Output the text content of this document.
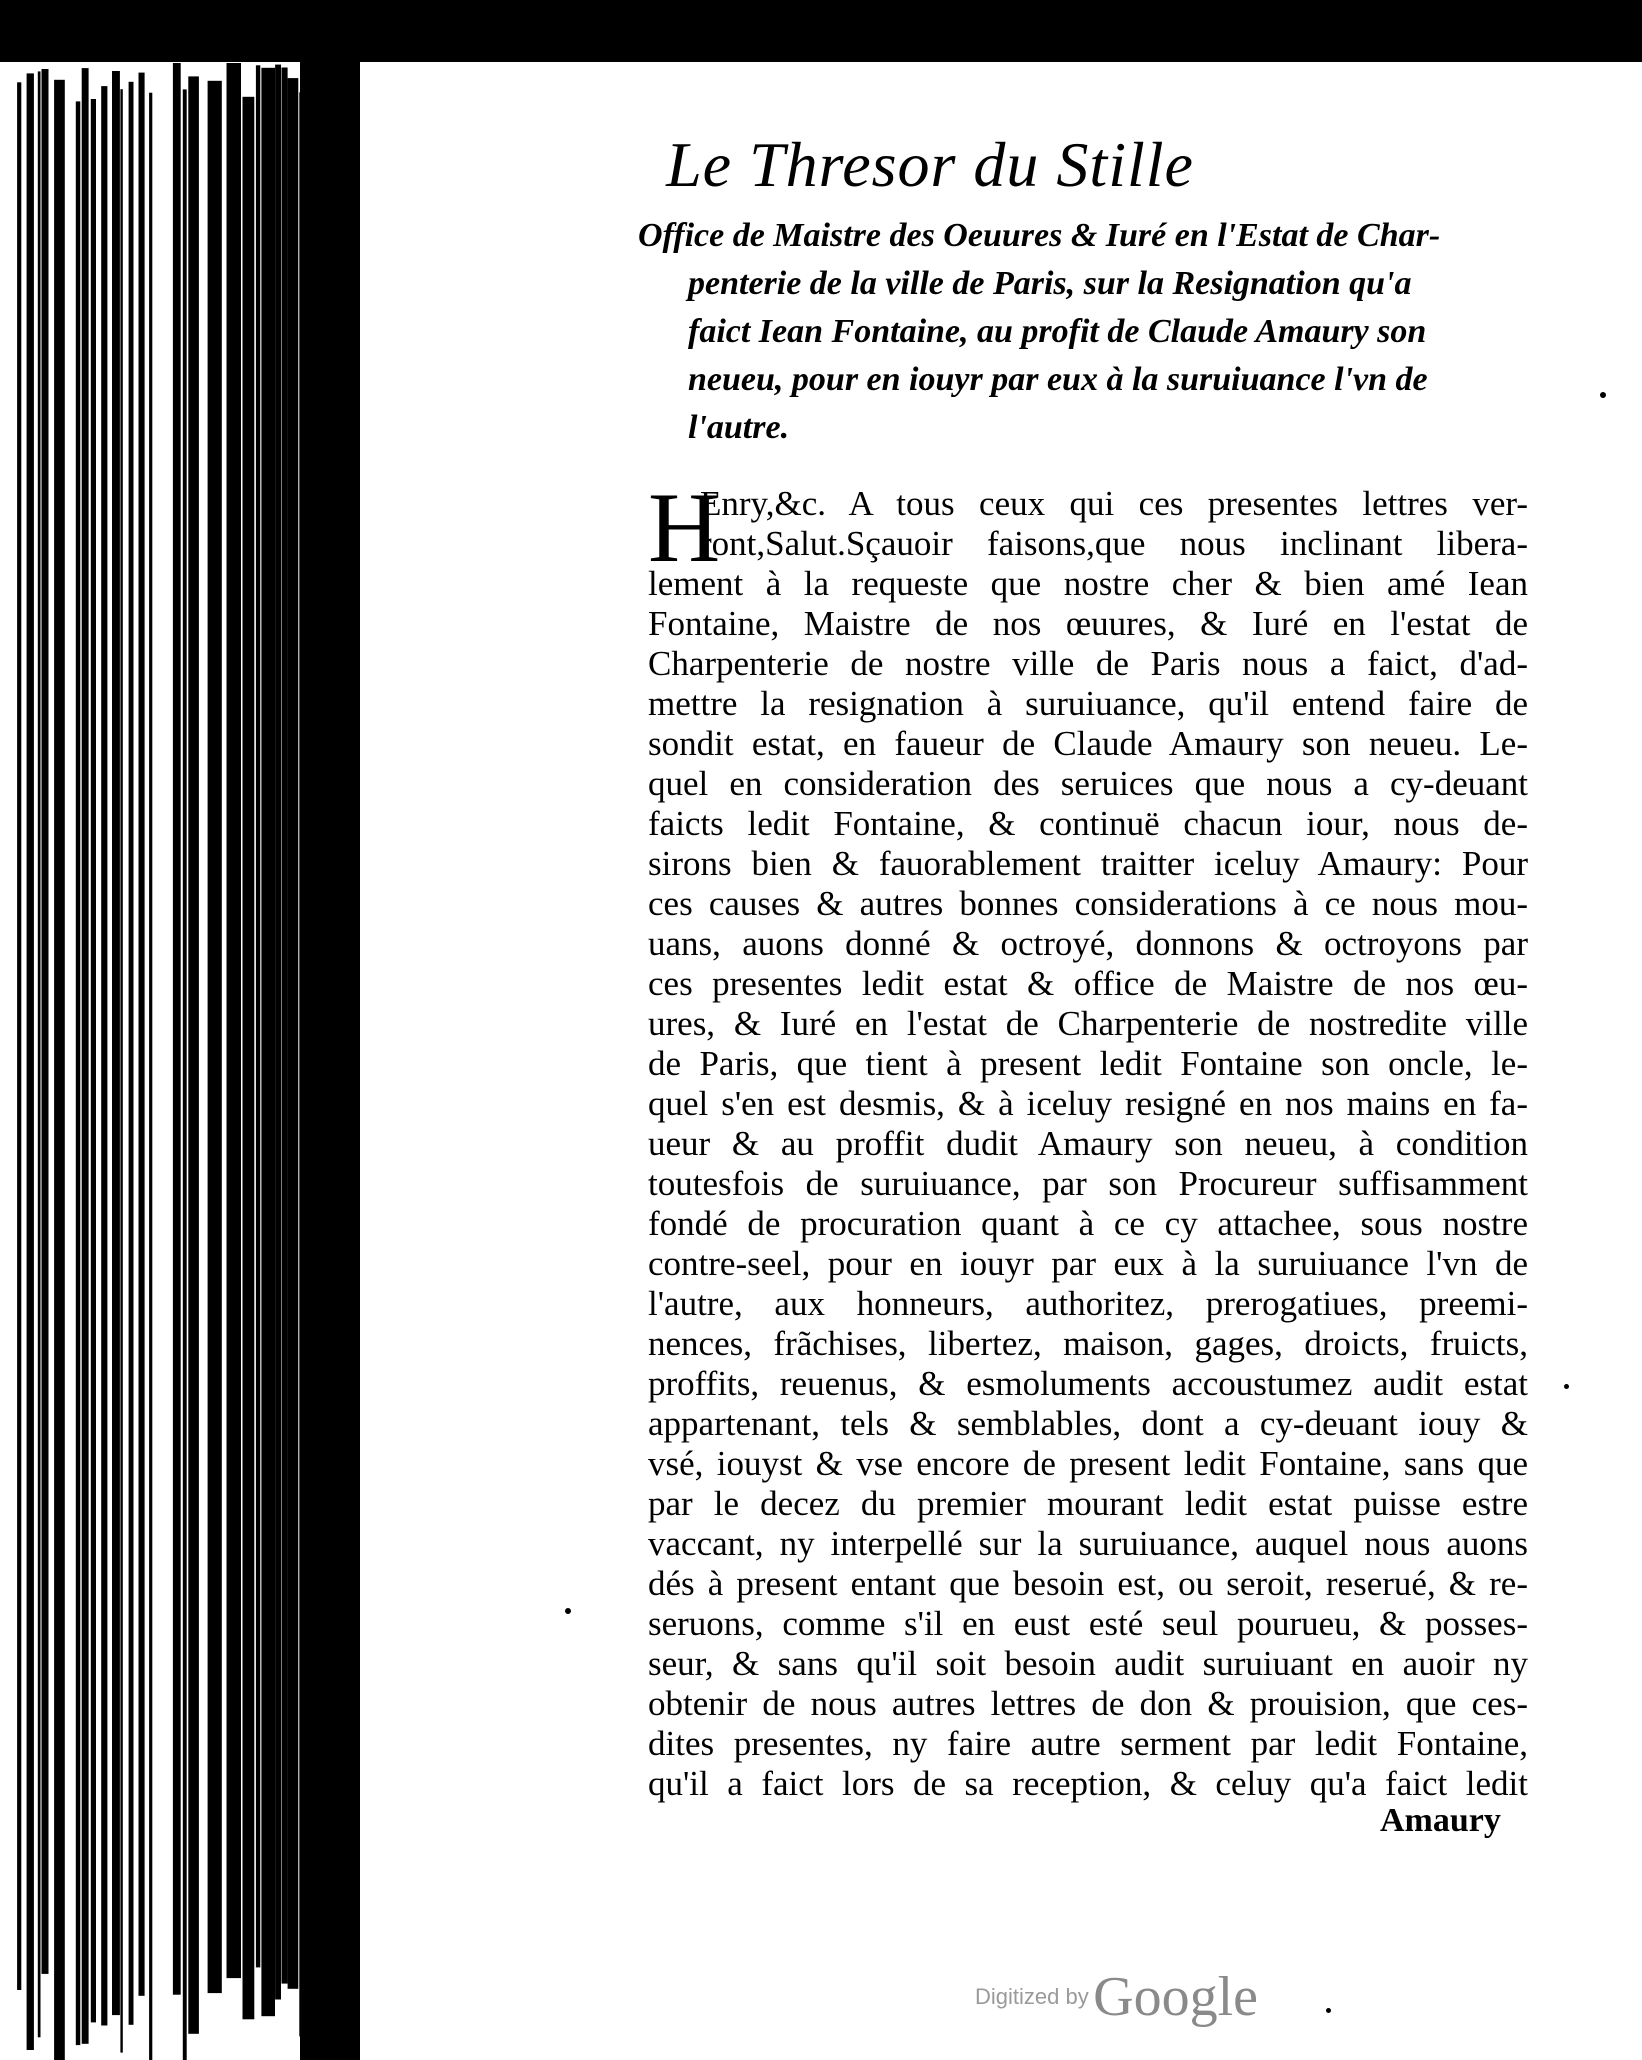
Le Thresor du Stille
Office de Maistre des Oeuures & Iuré en l'Estat de Char-
penterie de la ville de Paris, sur la Resignation qu'a
faict Iean Fontaine, au profit de Claude Amaury son
neueu, pour en iouyr par eux à la suruiuance l'vn de
l'autre.
H
Enry,&c. A tous ceux qui ces presentes lettres ver-
ront,Salut.Sçauoir faisons,que nous inclinant libera-
lement à la requeste que nostre cher & bien amé Iean
Fontaine, Maistre de nos œuures, & Iuré en l'estat de
Charpenterie de nostre ville de Paris nous a faict, d'ad-
mettre la resignation à suruiuance, qu'il entend faire de
sondit estat, en faueur de Claude Amaury son neueu. Le-
quel en consideration des seruices que nous a cy-deuant
faicts ledit Fontaine, & continuë chacun iour, nous de-
sirons bien & fauorablement traitter iceluy Amaury: Pour
ces causes & autres bonnes considerations à ce nous mou-
uans, auons donné & octroyé, donnons & octroyons par
ces presentes ledit estat & office de Maistre de nos œu-
ures, & Iuré en l'estat de Charpenterie de nostredite ville
de Paris, que tient à present ledit Fontaine son oncle, le-
quel s'en est desmis, & à iceluy resigné en nos mains en fa-
ueur & au proffit dudit Amaury son neueu, à condition
toutesfois de suruiuance, par son Procureur suffisamment
fondé de procuration quant à ce cy attachee, sous nostre
contre-seel, pour en iouyr par eux à la suruiuance l'vn de
l'autre, aux honneurs, authoritez, prerogatiues, preemi-
nences, frãchises, libertez, maison, gages, droicts, fruicts,
proffits, reuenus, & esmoluments accoustumez audit estat
appartenant, tels & semblables, dont a cy-deuant iouy &
vsé, iouyst & vse encore de present ledit Fontaine, sans que
par le decez du premier mourant ledit estat puisse estre
vaccant, ny interpellé sur la suruiuance, auquel nous auons
dés à present entant que besoin est, ou seroit, reserué, & re-
seruons, comme s'il en eust esté seul pourueu, & posses-
seur, & sans qu'il soit besoin audit suruiuant en auoir ny
obtenir de nous autres lettres de don & prouision, que ces-
dites presentes, ny faire autre serment par ledit Fontaine,
qu'il a faict lors de sa reception, & celuy qu'a faict ledit
Amaury
Digitized by Google
